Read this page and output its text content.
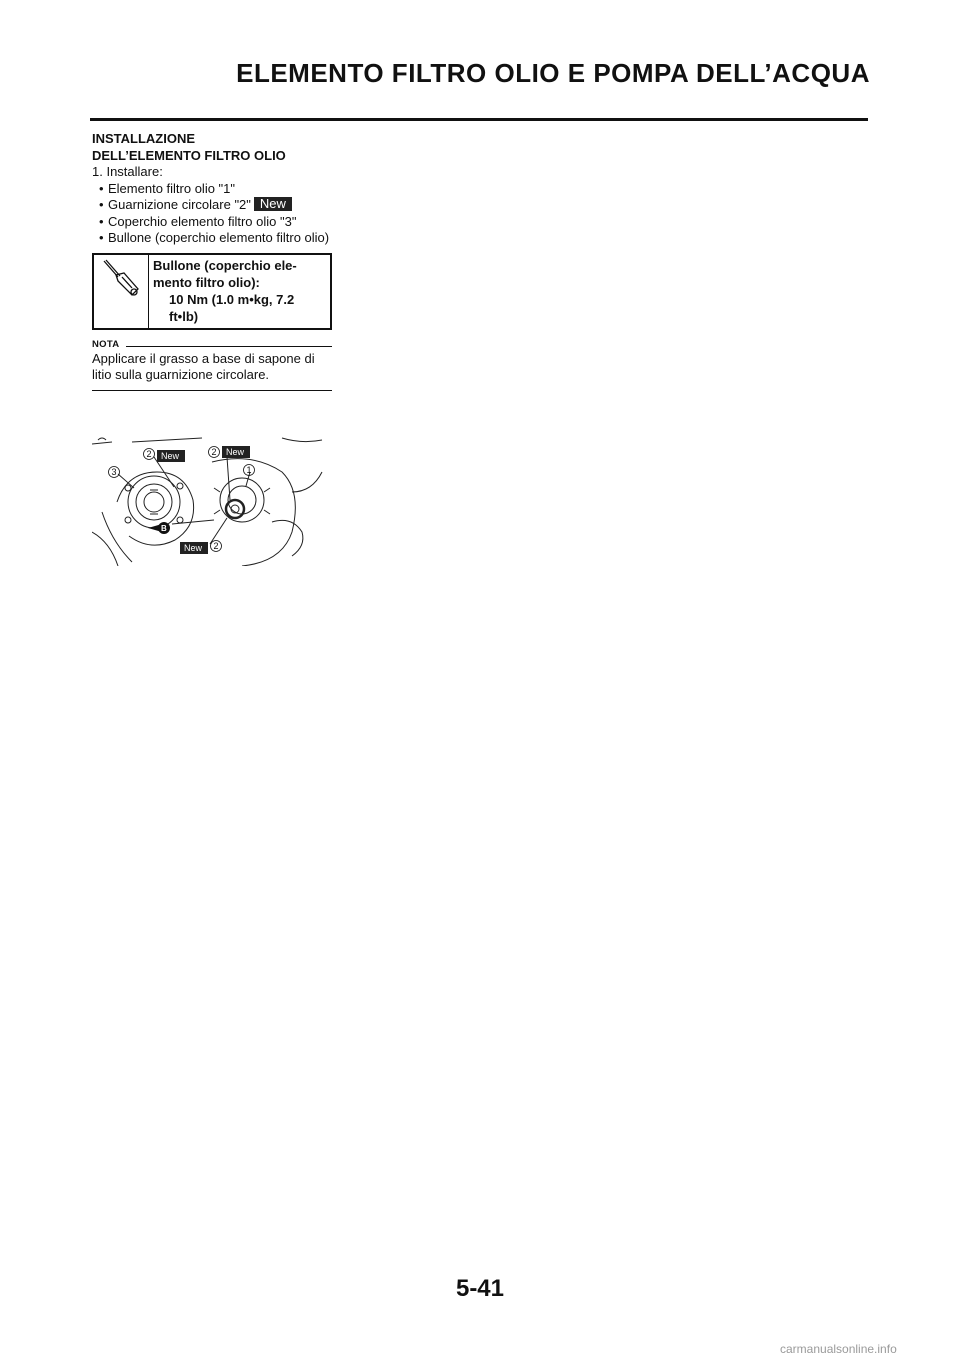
ELEMENTO FILTRO OLIO E POMPA DELL’ACQUA
INSTALLAZIONE
DELL’ELEMENTO FILTRO OLIO
1. Installare:
• Elemento filtro olio "1"
• Guarnizione circolare "2" New
• Coperchio elemento filtro olio "3"
• Bullone (coperchio elemento filtro olio)
Bullone (coperchio ele-
mento filtro olio):
10 Nm (1.0 m•kg, 7.2
ft•lb)
NOTA
Applicare il grasso a base di sapone di litio sulla guarnizione circolare.
2	2
1
3
2
New	New
New
B
5-41
carmanualsonline.info
